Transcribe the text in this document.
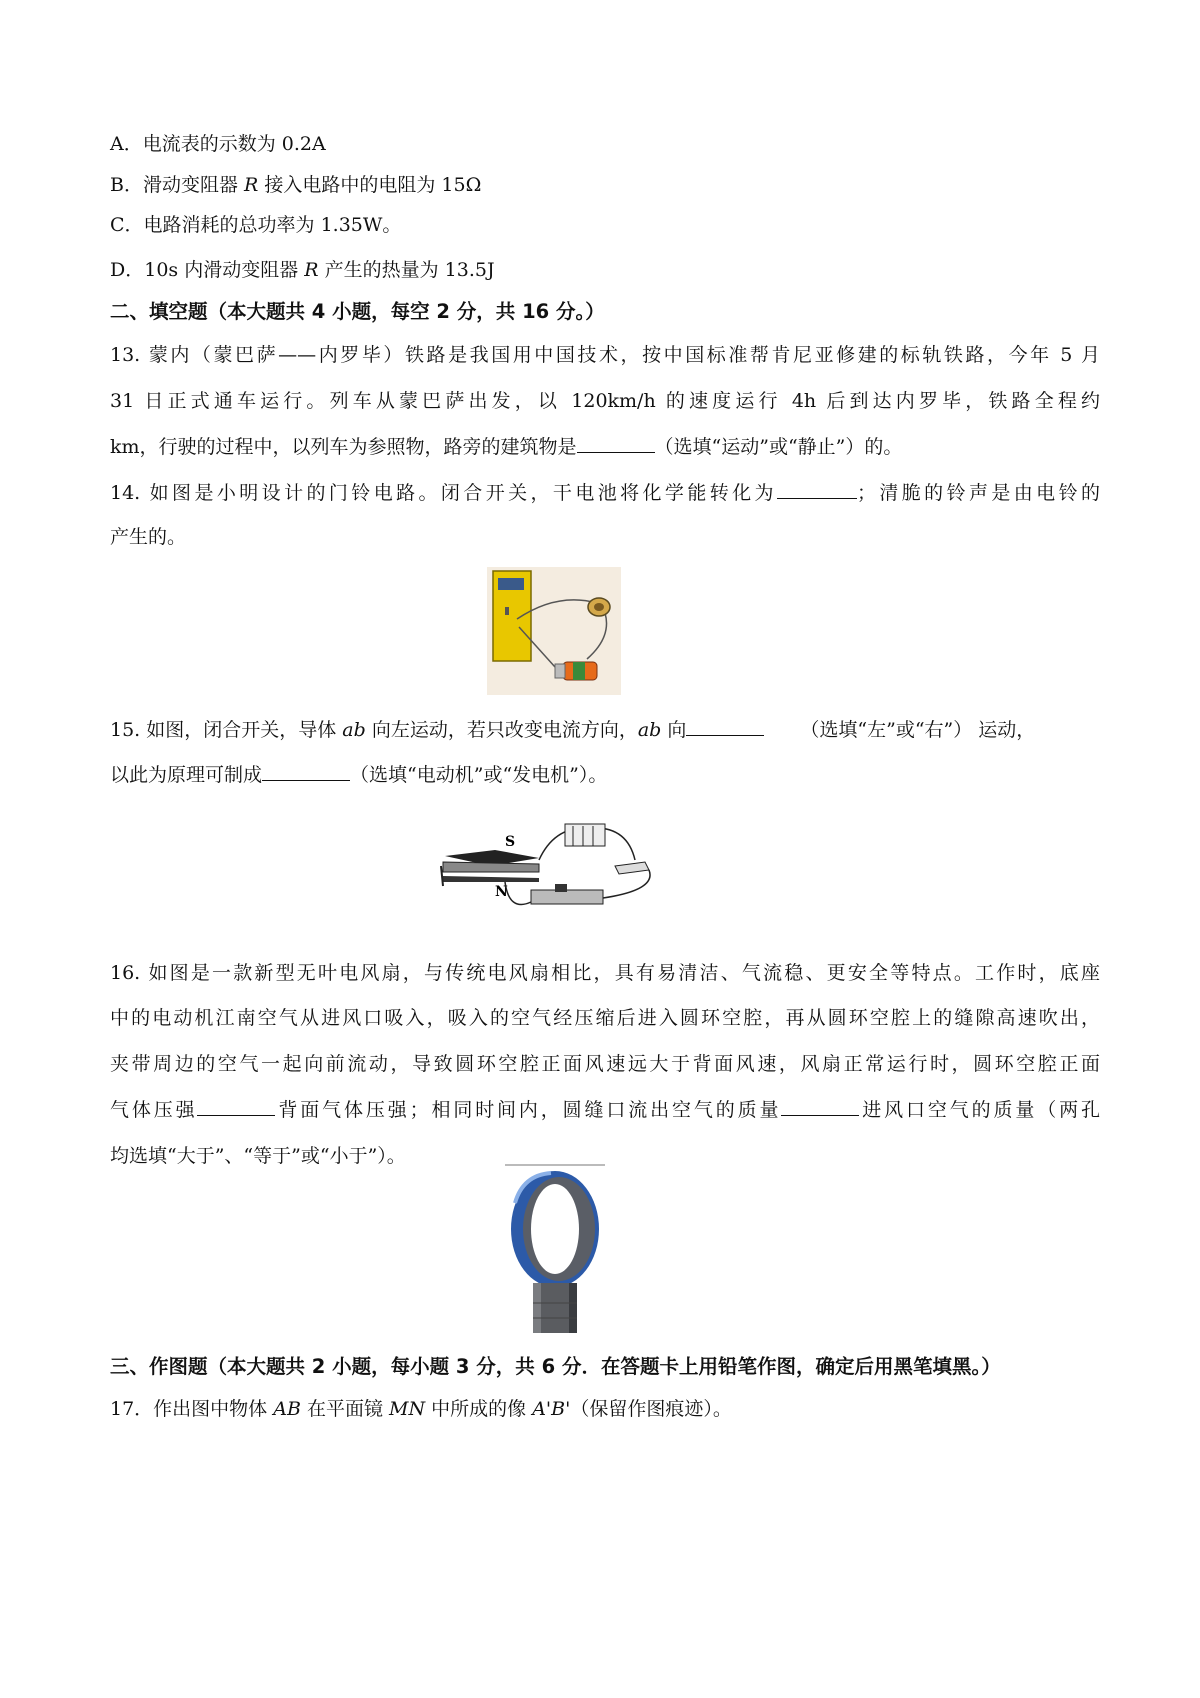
A．电流表的示数为 0.2A
B．滑动变阻器 R 接入电路中的电阻为 15Ω
C．电路消耗的总功率为 1.35W。
D．10s 内滑动变阻器 R 产生的热量为 13.5J
二、填空题（本大题共 4 小题，每空 2 分，共 16 分。）
13. 蒙内（蒙巴萨——内罗毕）铁路是我国用中国技术，按中国标准帮肯尼亚修建的标轨铁路，今年 5 月
31 日正式通车运行。列车从蒙巴萨出发，以 120km/h 的速度运行 4h 后到达内罗毕，铁路全程约
km，行驶的过程中，以列车为参照物，路旁的建筑物是	（选填“运动”或“静止”）的。
14. 如图是小明设计的门铃电路。闭合开关，干电池将化学能转化为	；清脆的铃声是由电铃的
产生的。
15. 如图，闭合开关，导体 ab 向左运动，若只改变电流方向，ab 向	（选填“左”或“右”） 运动，
以此为原理可制成	（选填“电动机”或“发电机”）。
S
N
16. 如图是一款新型无叶电风扇，与传统电风扇相比，具有易清洁、气流稳、更安全等特点。工作时，底座
中的电动机江南空气从进风口吸入，吸入的空气经压缩后进入圆环空腔，再从圆环空腔上的缝隙高速吹出，
夹带周边的空气一起向前流动，导致圆环空腔正面风速远大于背面风速，风扇正常运行时，圆环空腔正面
气体压强	背面气体压强；相同时间内，圆缝口流出空气的质量	进风口空气的质量（两孔
均选填“大于”、“等于”或“小于”）。
三、作图题（本大题共 2 小题，每小题 3 分，共 6 分．在答题卡上用铅笔作图，确定后用黑笔填黑。）
17．作出图中物体 AB 在平面镜 MN 中所成的像 A'B'（保留作图痕迹）。
